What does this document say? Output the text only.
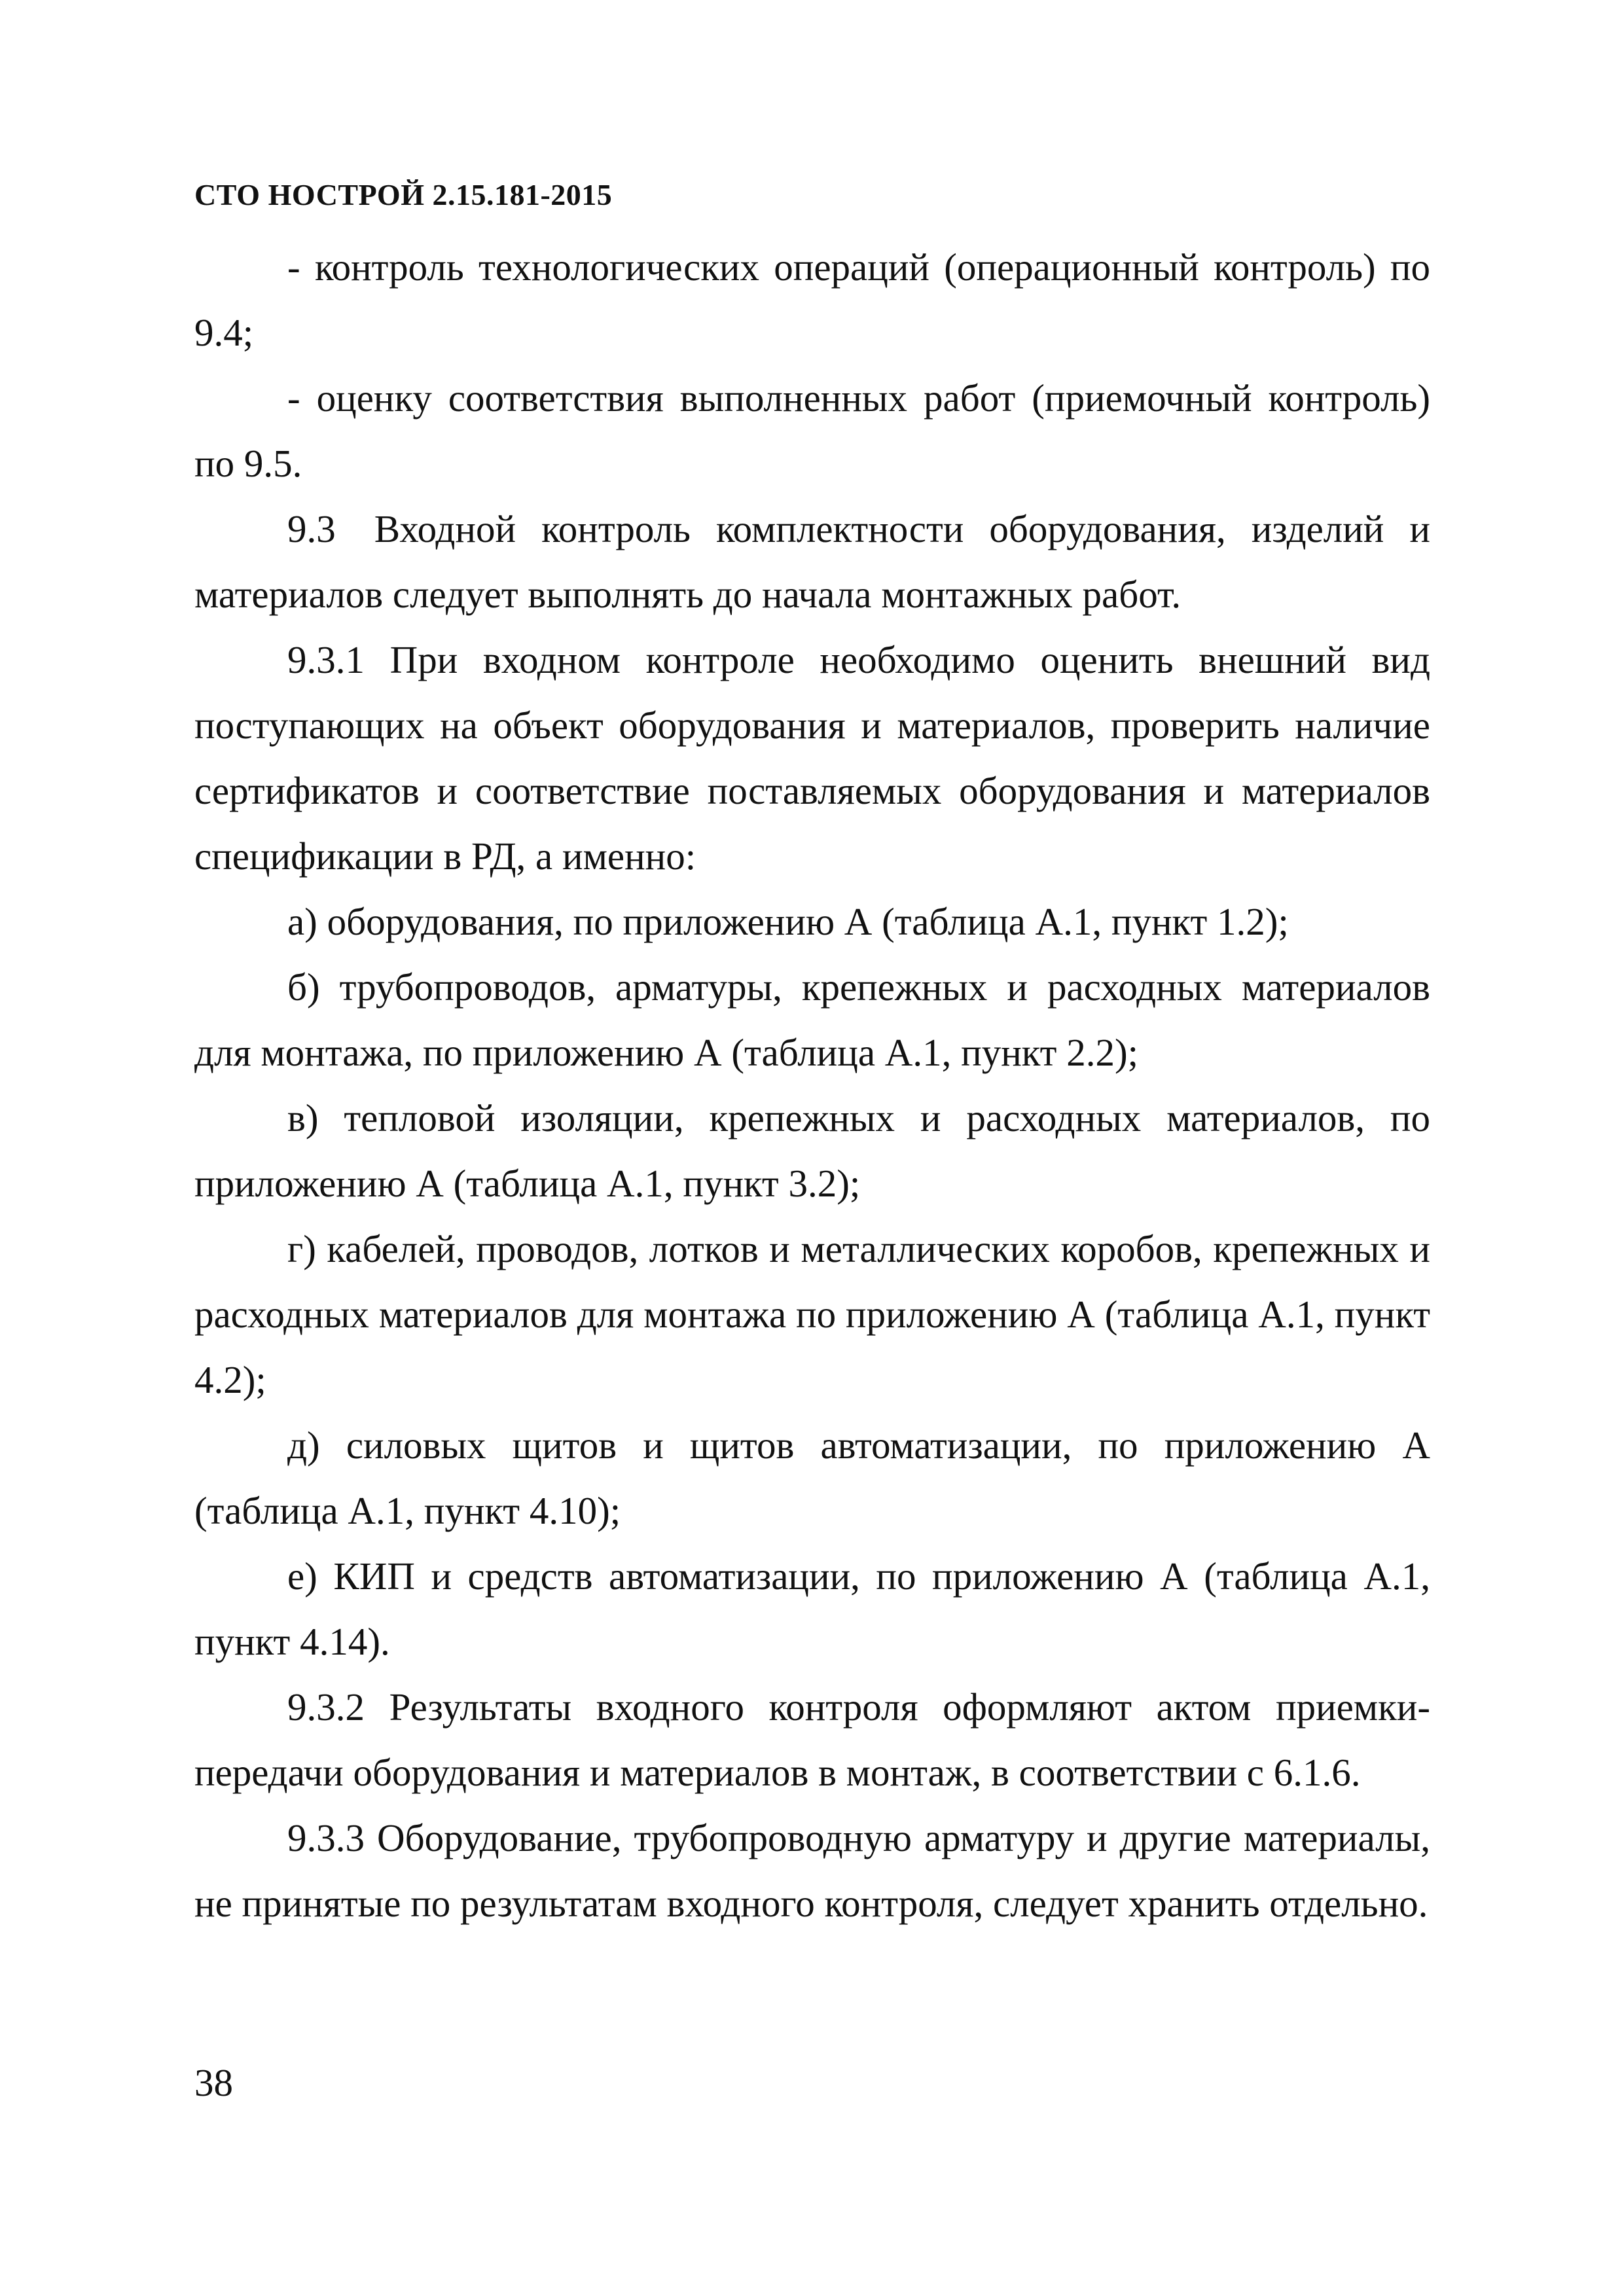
СТО НОСТРОЙ 2.15.181-2015

- контроль технологических операций (операционный контроль) по 9.4;

- оценку соответствия выполненных работ (приемочный контроль) по 9.5.

9.3 Входной контроль комплектности оборудования, изделий и материалов следует выполнять до начала монтажных работ.

9.3.1 При входном контроле необходимо оценить внешний вид поступающих на объект оборудования и материалов, проверить наличие сертификатов и соответствие поставляемых оборудования и материалов спецификации в РД, а именно:

а) оборудования, по приложению А (таблица А.1, пункт 1.2);

б) трубопроводов, арматуры, крепежных и расходных материалов для монтажа, по приложению А (таблица А.1, пункт 2.2);

в) тепловой изоляции, крепежных и расходных материалов, по приложению А (таблица А.1, пункт 3.2);

г) кабелей, проводов, лотков и металлических коробов, крепежных и расходных материалов для монтажа по приложению А (таблица А.1, пункт 4.2);

д) силовых щитов и щитов автоматизации, по приложению А (таблица А.1, пункт 4.10);

е) КИП и средств автоматизации, по приложению А (таблица А.1, пункт 4.14).

9.3.2 Результаты входного контроля оформляют актом приемки-передачи оборудования и материалов в монтаж, в соответствии с 6.1.6.

9.3.3 Оборудование, трубопроводную арматуру и другие материалы, не принятые по результатам входного контроля, следует хранить отдельно.

38
